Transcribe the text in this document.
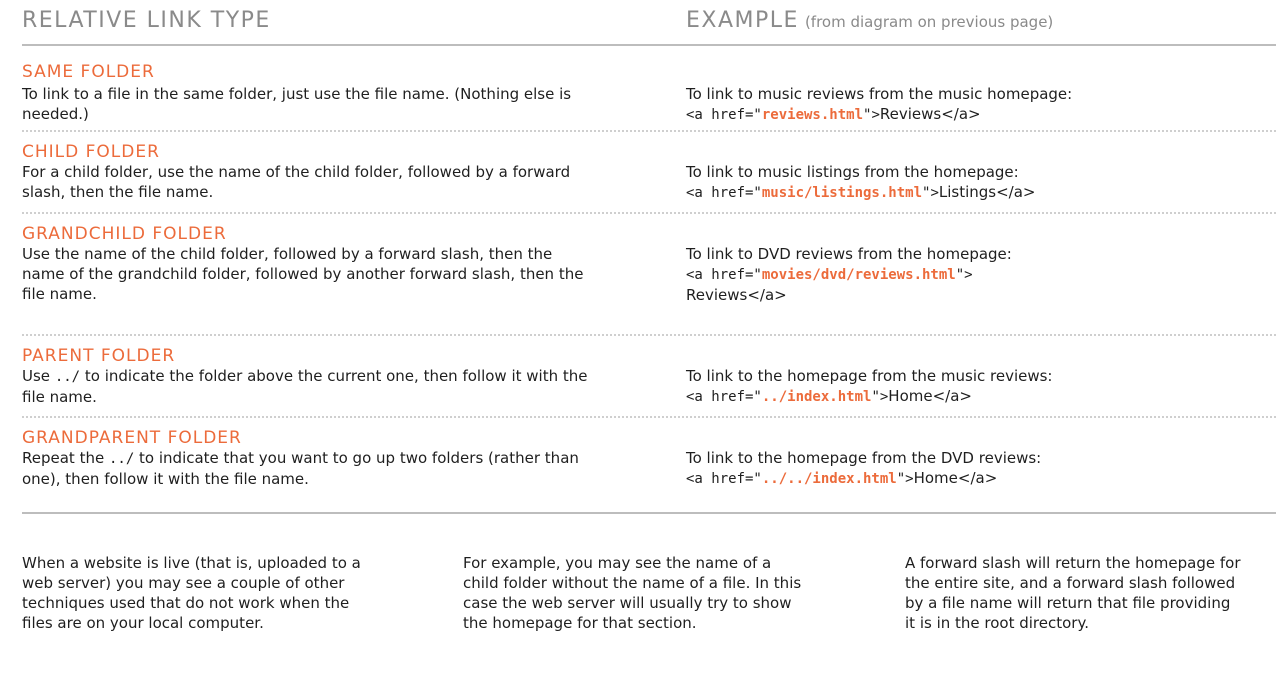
RELATIVE LINK TYPE	EXAMPLE (from diagram on previous page)
SAME FOLDER
To link to a file in the same folder, just use the file name. (Nothing else is needed.)
To link to music reviews from the music homepage:
<a href="reviews.html">Reviews</a>
CHILD FOLDER
For a child folder, use the name of the child folder, followed by a forward slash, then the file name.
To link to music listings from the homepage:
<a href="music/listings.html">Listings</a>
GRANDCHILD FOLDER
Use the name of the child folder, followed by a forward slash, then the name of the grandchild folder, followed by another forward slash, then the file name.
To link to DVD reviews from the homepage:
<a href="movies/dvd/reviews.html">
Reviews</a>
PARENT FOLDER
Use ../ to indicate the folder above the current one, then follow it with the file name.
To link to the homepage from the music reviews:
<a href="../index.html">Home</a>
GRANDPARENT FOLDER
Repeat the ../ to indicate that you want to go up two folders (rather than one), then follow it with the file name.
To link to the homepage from the DVD reviews:
<a href="../../index.html">Home</a>
When a website is live (that is, uploaded to a web server) you may see a couple of other techniques used that do not work when the files are on your local computer.
For example, you may see the name of a child folder without the name of a file. In this case the web server will usually try to show the homepage for that section.
A forward slash will return the homepage for the entire site, and a forward slash followed by a file name will return that file providing it is in the root directory.
